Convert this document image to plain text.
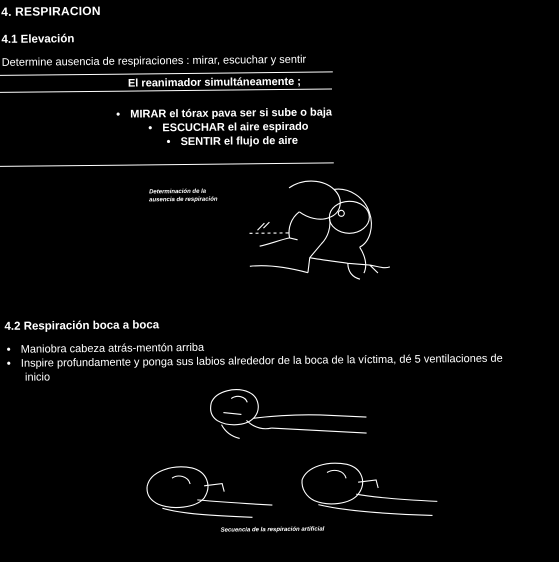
4. RESPIRACION
4.1 Elevación
Determine ausencia de respiraciones : mirar, escuchar y sentir
El reanimador simultáneamente ;
• MIRAR el tórax pava ser si sube o baja
• ESCUCHAR el aire espirado
• SENTIR el flujo de aire
Determinación de la
ausencia de respiración
4.2 Respiración boca a boca
• Maniobra cabeza atrás-mentón arriba
• Inspire profundamente y ponga sus labios alrededor de la boca de la víctima, dé 5 ventilaciones de
inicio
Secuencia de la respiración artificial
